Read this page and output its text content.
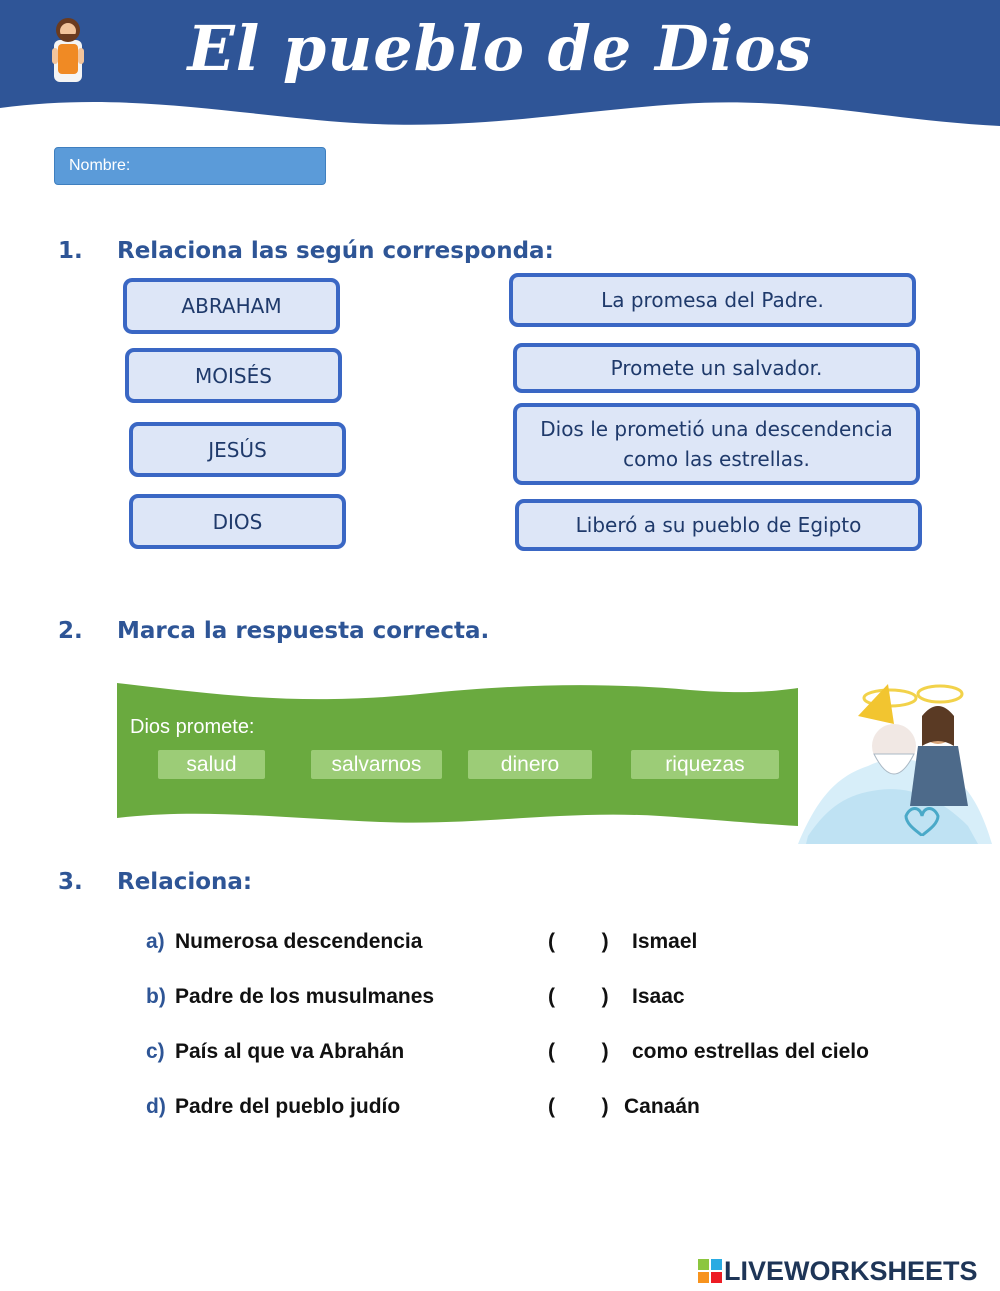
El pueblo de Dios
Nombre:
1. Relaciona las según corresponda:
ABRAHAM
MOISÉS
JESÚS
DIOS
La promesa del Padre.
Promete un salvador.
Dios le prometió una descendencia como las estrellas.
Liberó a su pueblo de Egipto
2. Marca la respuesta correcta.
Dios promete:
salud	salvarnos	dinero	riquezas
3. Relaciona:
a) Numerosa descendencia	(        ) Ismael
b) Padre de los musulmanes	(        ) Isaac
c) País al que va Abrahán	(        ) como estrellas del cielo
d) Padre del pueblo judío	(        ) Canaán
LIVEWORKSHEETS
